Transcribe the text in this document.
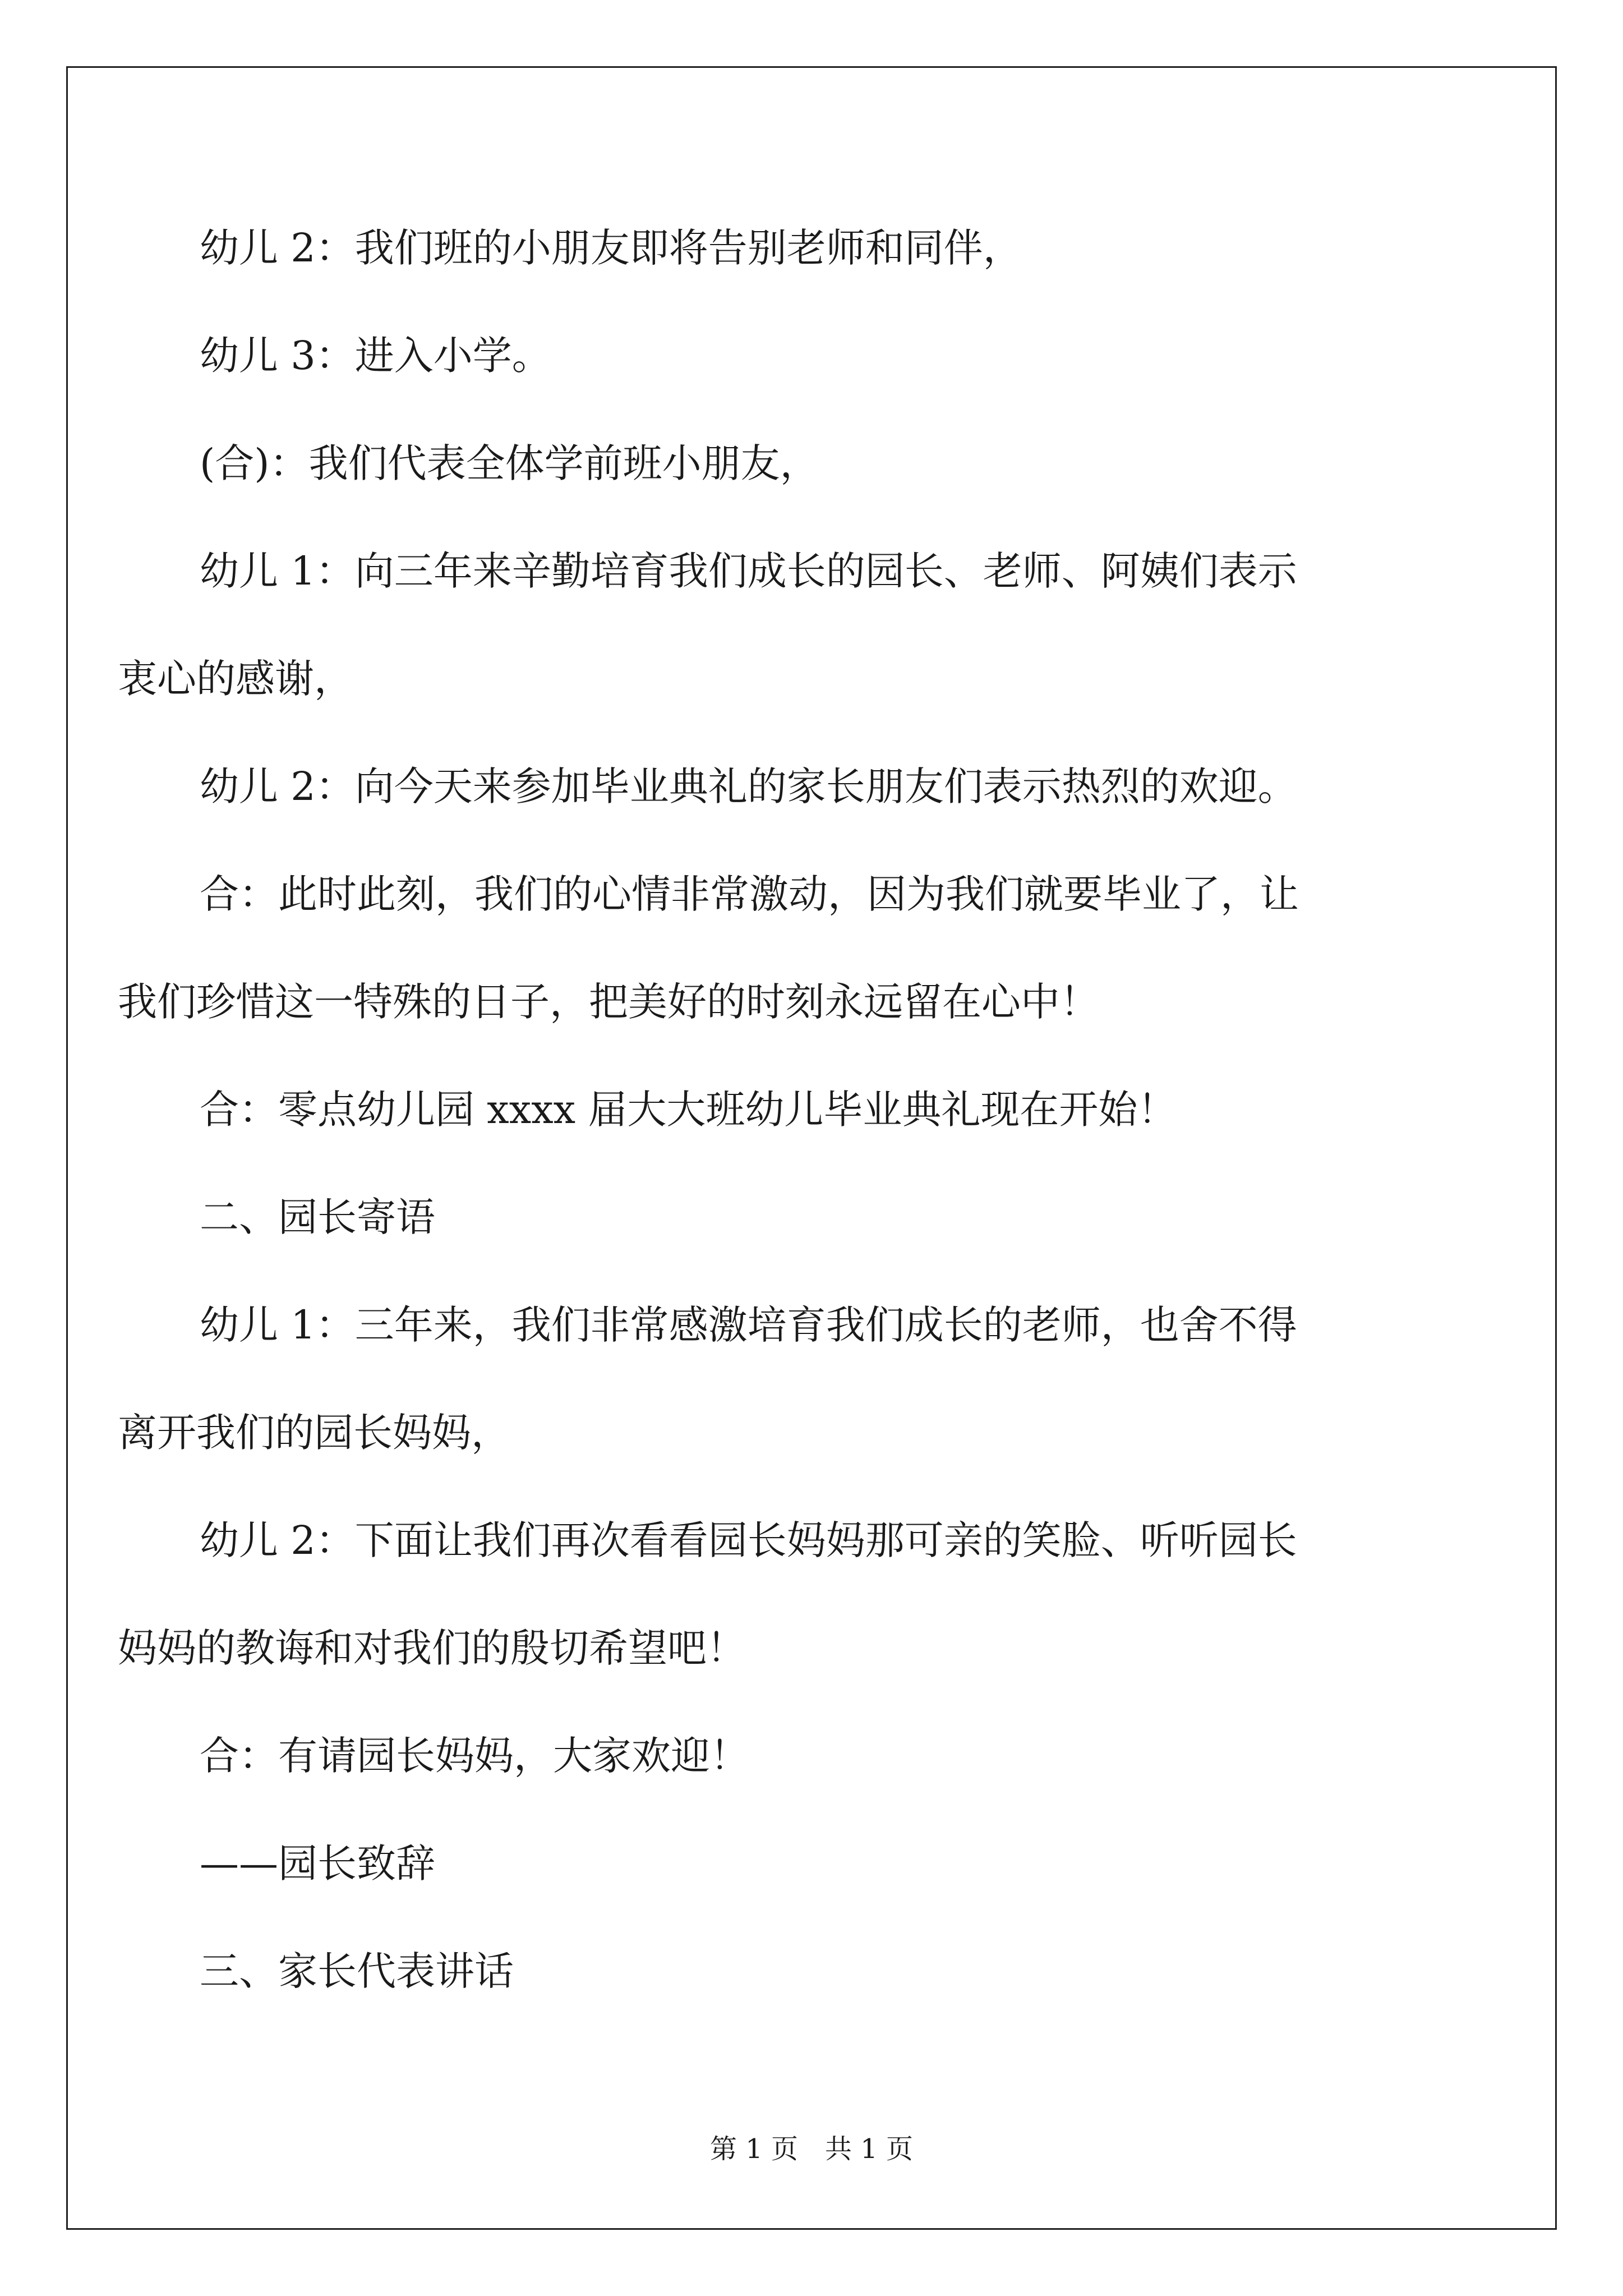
幼儿 2：我们班的小朋友即将告别老师和同伴，

幼儿 3：进入小学。

(合)：我们代表全体学前班小朋友，

幼儿 1：向三年来辛勤培育我们成长的园长、老师、阿姨们表示
衷心的感谢，

幼儿 2：向今天来参加毕业典礼的家长朋友们表示热烈的欢迎。

合：此时此刻，我们的心情非常激动，因为我们就要毕业了，让
我们珍惜这一特殊的日子，把美好的时刻永远留在心中！

合：零点幼儿园 xxxx 届大大班幼儿毕业典礼现在开始！

二、园长寄语

幼儿 1：三年来，我们非常感激培育我们成长的老师，也舍不得
离开我们的园长妈妈，

幼儿 2：下面让我们再次看看园长妈妈那可亲的笑脸、听听园长
妈妈的教诲和对我们的殷切希望吧！

合：有请园长妈妈，大家欢迎！

——园长致辞

三、家长代表讲话

第 1 页　共 1 页
